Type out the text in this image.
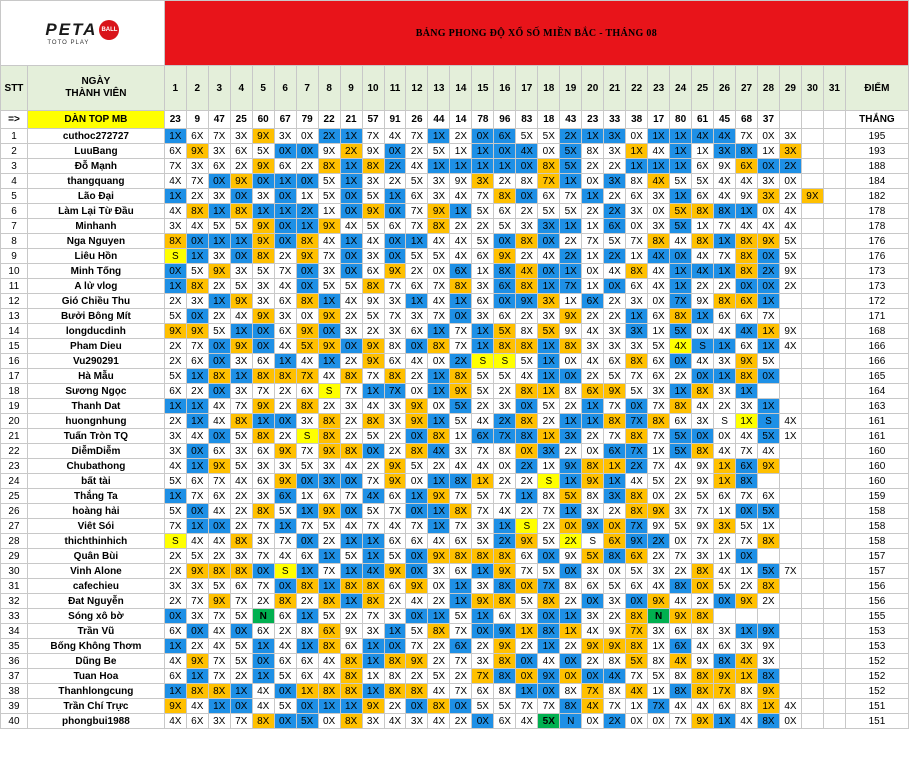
PETA BALL
TOTO PLAY		BẢNG PHONG ĐỘ XỔ SỐ MIỀN BẮC - THÁNG 08																															
STT	NGÀY
THÀNH VIÊN	1	2	3	4	5	6	7	8	9	10	11	12	13	14	15	16	17	18	19	20	21	22	23	24	25	26	27	28	29	30	31	ĐIỂM
=>	DÀN TOP MB	23	9	47	25	60	67	79	22	21	57	91	26	44	14	78	96	83	18	43	23	33	38	17	80	61	45	68	37				THẮNG
1	cuthoc272727	1X	6X	7X	3X	9X	3X	0X	2X	1X	7X	4X	7X	1X	2X	0X	6X	5X	5X	2X	1X	3X	0X	1X	1X	4X	4X	7X	0X	3X			195
2	LuuBang	6X	9X	3X	6X	5X	0X	0X	9X	2X	9X	0X	2X	5X	1X	1X	0X	4X	0X	5X	8X	3X	1X	4X	1X	1X	3X	8X	1X	3X			193
3	Đỗ Mạnh	7X	3X	6X	2X	9X	6X	2X	8X	1X	8X	2X	4X	1X	1X	1X	1X	0X	8X	5X	2X	2X	1X	1X	1X	6X	9X	6X	0X	2X			188
4	thangquang	4X	7X	0X	9X	0X	1X	0X	5X	1X	3X	2X	5X	3X	9X	3X	2X	8X	7X	1X	0X	3X	8X	4X	5X	5X	4X	4X	3X	0X			184
5	Lão Đại	1X	2X	3X	0X	3X	0X	1X	5X	0X	5X	1X	6X	3X	4X	7X	8X	0X	6X	7X	1X	2X	6X	3X	1X	6X	4X	9X	3X	2X	9X		182
6	Làm Lại Từ Đầu	4X	8X	1X	8X	1X	1X	2X	1X	0X	9X	0X	7X	9X	1X	5X	6X	2X	5X	5X	2X	2X	3X	0X	5X	8X	8X	1X	0X	4X			178
7	Minhanh	3X	4X	5X	5X	9X	0X	1X	9X	4X	5X	6X	7X	8X	2X	2X	5X	3X	3X	1X	1X	6X	0X	3X	5X	1X	7X	4X	4X	4X			178
8	Nga Nguyen	8X	0X	1X	1X	9X	0X	8X	4X	1X	4X	0X	1X	4X	4X	5X	0X	8X	0X	2X	7X	5X	7X	8X	4X	8X	1X	8X	9X	5X			176
9	Liêu Hồn	S	1X	3X	0X	8X	2X	9X	7X	0X	3X	0X	5X	5X	4X	6X	9X	2X	4X	2X	1X	2X	1X	4X	0X	4X	7X	8X	0X	5X			176
10	Minh Tống	0X	5X	9X	3X	5X	7X	0X	3X	0X	6X	9X	2X	0X	6X	1X	8X	4X	0X	1X	0X	4X	8X	4X	1X	4X	1X	8X	2X	9X			173
11	A lử vlog	1X	8X	2X	5X	3X	4X	0X	5X	5X	8X	7X	6X	7X	8X	3X	6X	8X	1X	7X	1X	0X	6X	4X	1X	2X	2X	0X	0X	2X			173
12	Gió Chiều Thu	2X	3X	1X	9X	3X	6X	8X	1X	4X	9X	3X	1X	4X	1X	6X	0X	9X	3X	1X	6X	2X	3X	0X	7X	9X	8X	6X	1X				172
13	Bưởi Bông Mít	5X	0X	2X	4X	9X	3X	0X	9X	2X	5X	7X	3X	7X	0X	3X	6X	2X	3X	9X	2X	2X	1X	6X	8X	1X	6X	6X	7X				171
14	longducdinh	9X	9X	5X	1X	0X	6X	9X	0X	3X	2X	3X	6X	1X	7X	1X	5X	8X	5X	9X	4X	3X	3X	1X	5X	0X	4X	4X	1X	9X			168
15	Pham Dieu	2X	7X	0X	9X	0X	4X	5X	9X	0X	9X	8X	0X	8X	7X	1X	8X	8X	1X	8X	3X	3X	3X	5X	4X	S	1X	6X	1X	4X			166
16	Vu290291	2X	6X	0X	3X	6X	1X	4X	1X	2X	9X	6X	4X	0X	2X	S	S	5X	1X	0X	4X	6X	8X	6X	0X	4X	3X	9X	5X				166
17	Hà Mẫu	5X	1X	8X	1X	8X	8X	7X	4X	8X	7X	8X	2X	1X	8X	5X	5X	4X	1X	0X	2X	5X	7X	6X	2X	0X	1X	8X	0X				165
18	Sương Ngọc	6X	2X	0X	3X	7X	2X	6X	S	7X	1X	7X	0X	1X	9X	5X	2X	8X	1X	8X	6X	9X	5X	3X	1X	8X	3X	1X					164
19	Thanh Dat	1X	1X	4X	7X	9X	2X	8X	2X	3X	4X	3X	9X	0X	5X	2X	3X	0X	5X	2X	1X	7X	0X	7X	8X	4X	2X	3X	1X				163
20	huongnhung	2X	1X	4X	8X	1X	0X	3X	8X	2X	8X	3X	9X	1X	5X	4X	2X	8X	2X	1X	1X	8X	7X	8X	6X	3X	S	1X	S	4X			161
21	Tuấn Tròn TQ	3X	4X	0X	5X	8X	2X	S	8X	2X	5X	2X	0X	8X	1X	6X	7X	8X	1X	3X	2X	7X	8X	7X	5X	0X	0X	4X	5X	1X			161
22	DiễmDiễm	3X	0X	6X	3X	6X	9X	7X	9X	8X	0X	2X	8X	4X	3X	7X	8X	0X	3X	2X	0X	6X	7X	1X	5X	8X	4X	7X	4X				160
23	Chubathong	4X	1X	9X	5X	3X	3X	5X	3X	4X	2X	9X	5X	2X	4X	4X	0X	2X	1X	9X	8X	1X	2X	7X	4X	9X	1X	6X	9X				160
24	bất tài	5X	6X	7X	4X	6X	9X	0X	3X	0X	7X	9X	0X	1X	8X	1X	2X	2X	S	1X	9X	1X	4X	5X	2X	9X	1X	8X					160
25	Thắng Ta	1X	7X	6X	2X	3X	6X	1X	6X	7X	4X	6X	1X	9X	7X	5X	7X	1X	8X	5X	8X	3X	8X	0X	2X	5X	6X	7X	6X				159
26	hoàng hải	5X	0X	4X	2X	8X	5X	1X	9X	0X	5X	7X	0X	1X	8X	7X	4X	2X	7X	1X	3X	2X	8X	9X	3X	7X	1X	0X	5X				158
27	Viêt Sói	7X	1X	0X	2X	7X	1X	7X	5X	4X	7X	4X	7X	1X	7X	3X	1X	S	2X	0X	9X	0X	7X	9X	5X	9X	3X	5X	1X				158
28	thichthinhich	S	4X	4X	8X	3X	7X	0X	2X	1X	1X	6X	6X	4X	6X	5X	2X	9X	5X	2X	S	6X	9X	2X	0X	7X	2X	7X	8X				158
29	Quân Bùi	2X	5X	2X	3X	7X	4X	6X	1X	5X	1X	5X	0X	9X	8X	8X	8X	6X	0X	9X	5X	8X	6X	2X	7X	3X	1X	0X					157
30	Vinh Alone	2X	9X	8X	8X	0X	S	1X	7X	1X	4X	9X	0X	3X	6X	1X	9X	7X	5X	0X	3X	0X	5X	3X	2X	8X	4X	1X	5X	7X			157
31	cafechieu	3X	3X	5X	6X	7X	0X	8X	1X	8X	8X	6X	9X	0X	1X	3X	8X	0X	7X	8X	6X	5X	6X	4X	8X	0X	5X	2X	8X				156
32	Đat Nguyễn	2X	7X	9X	7X	2X	8X	2X	8X	1X	8X	2X	4X	2X	1X	9X	8X	5X	8X	2X	0X	3X	0X	9X	4X	2X	0X	9X	2X				156
33	Sóng xô bờ	0X	3X	7X	5X	N	6X	1X	5X	2X	7X	3X	0X	1X	5X	1X	6X	3X	0X	1X	3X	2X	8X	N	9X	8X							155
34	Trần Vũ	6X	0X	4X	0X	6X	2X	8X	6X	9X	3X	1X	5X	8X	7X	0X	9X	1X	8X	1X	4X	9X	7X	3X	6X	8X	3X	1X	9X				153
35	Bống Không Thơm	1X	2X	4X	5X	1X	4X	1X	8X	6X	1X	0X	7X	2X	6X	2X	9X	2X	1X	2X	9X	9X	8X	1X	6X	4X	6X	3X	9X				153
36	Dũng Be	4X	9X	7X	5X	0X	6X	6X	4X	8X	1X	8X	9X	2X	7X	3X	8X	0X	4X	0X	2X	8X	5X	8X	4X	9X	8X	4X	3X				152
37	Tuan Hoa	6X	1X	7X	2X	1X	5X	6X	4X	8X	1X	8X	2X	5X	2X	7X	8X	0X	9X	0X	0X	4X	7X	5X	8X	8X	9X	1X	8X				152
38	Thanhlongcung	1X	8X	8X	1X	4X	0X	1X	8X	8X	1X	8X	8X	4X	7X	6X	8X	1X	0X	8X	7X	8X	4X	1X	8X	8X	7X	8X	9X				152
39	Trần Chí Trực	9X	4X	1X	0X	4X	5X	0X	1X	1X	9X	2X	0X	8X	0X	5X	5X	7X	7X	8X	4X	7X	1X	7X	4X	4X	6X	8X	1X	4X			151
40	phongbui1988	4X	6X	3X	7X	8X	0X	5X	0X	8X	3X	4X	3X	4X	2X	0X	6X	4X	5X	N	0X	2X	0X	0X	7X	9X	1X	4X	8X	0X			151
